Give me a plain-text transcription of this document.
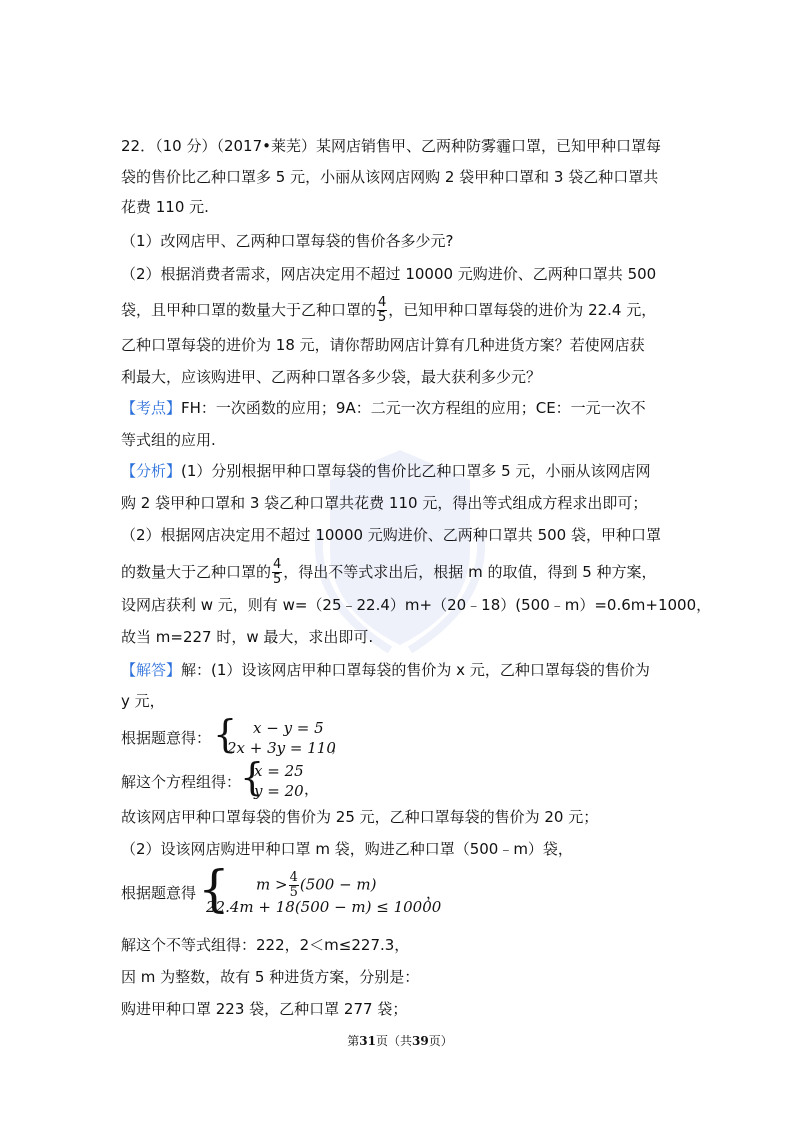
22．（10 分）（2017•莱芜）某网店销售甲、乙两种防雾霾口罩，已知甲种口罩每
袋的售价比乙种口罩多 5 元，小丽从该网店网购 2 袋甲种口罩和 3 袋乙种口罩共
花费 110 元.
（1）改网店甲、乙两种口罩每袋的售价各多少元?
（2）根据消费者需求，网店决定用不超过 10000 元购进价、乙两种口罩共 500
袋，且甲种口罩的数量大于乙种口罩的 $\frac{4}{5}$ ，已知甲种口罩每袋的进价为 22.4 元，
乙种口罩每袋的进价为 18 元，请你帮助网店计算有几种进货方案？若使网店获
利最大，应该购进甲、乙两种口罩各多少袋，最大获利多少元？
【考点】FH：一次函数的应用；9A：二元一次方程组的应用；CE：一元一次不
等式组的应用.
【分析】(1）分别根据甲种口罩每袋的售价比乙种口罩多 5 元，小丽从该网店网
购 2 袋甲种口罩和 3 袋乙种口罩共花费 110 元，得出等式组成方程求出即可；
（2）根据网店决定用不超过 10000 元购进价、乙两种口罩共 500 袋，甲种口罩
的数量大于乙种口罩的 $\frac{4}{5}$ ，得出不等式求出后，根据 m 的取值，得到 5 种方案，
设网店获利 w 元，则有 w=（25﹣22.4）m+（20﹣18）(500﹣m）=0.6m+1000，
故当 m=227 时，w 最大，求出即可.
【解答】解：(1）设该网店甲种口罩每袋的售价为 x 元，乙种口罩每袋的售价为
y 元，
根据题意得： { x − y = 5
2x + 3y = 110
，
解这个方程组得：
{
x = 25
y = 20 ，
故该网店甲种口罩每袋的售价为 25 元，乙种口罩每袋的售价为 20 元；
（2）设该网店购进甲种口罩 m 袋，购进乙种口罩（500﹣m）袋，
根据题意得 { $m > \frac{4}{5} (500 - m)$
22.4m + 18(500 − m) ≤ 10000
，
解这个不等式组得：222，2＜m≤227.3，
因 m 为整数，故有 5 种进货方案，分别是：
购进甲种口罩 223 袋，乙种口罩 277 袋；
第31页（共39页）
